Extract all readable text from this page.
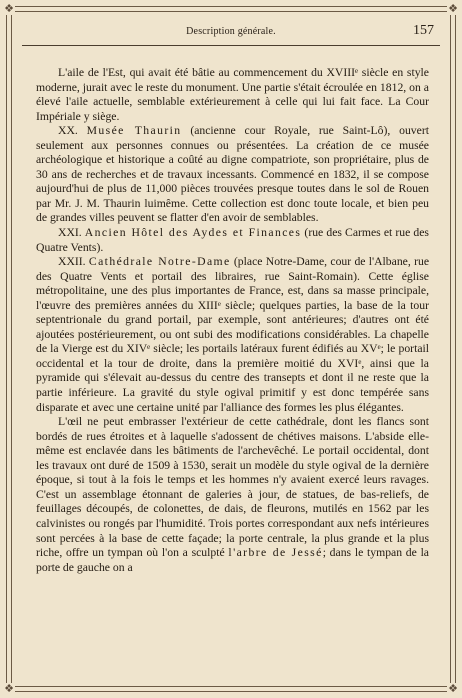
❖	❖
❖	❖
Description générale.	157

L'aile de l'Est, qui avait été bâtie au commencement du XVIIIᵉ siècle en style moderne, jurait avec le reste du monument. Une partie s'était écroulée en 1812, on a élevé l'aile actuelle, semblable extérieurement à celle qui lui fait face. La Cour Impériale y siège.

XX. Musée Thaurin (ancienne cour Royale, rue Saint-Lô), ouvert seulement aux personnes connues ou présentées. La création de ce musée archéologique et historique a coûté au digne compatriote, son propriétaire, plus de 30 ans de recherches et de travaux incessants. Commencé en 1832, il se compose aujourd'hui de plus de 11,000 pièces trouvées presque toutes dans le sol de Rouen par Mr. J. M. Thaurin luimême. Cette collection est donc toute locale, et bien peu de grandes villes peuvent se flatter d'en avoir de semblables.

XXI. Ancien Hôtel des Aydes et Finances (rue des Carmes et rue des Quatre Vents).

XXII. Cathédrale Notre-Dame (place Notre-Dame, cour de l'Albane, rue des Quatre Vents et portail des libraires, rue Saint-Romain). Cette église métropolitaine, une des plus importantes de France, est, dans sa masse principale, l'œuvre des premières années du XIIIᵉ siècle; quelques parties, la base de la tour septentrionale du grand portail, par exemple, sont antérieures; d'autres ont été ajoutées postérieurement, ou ont subi des modifications considérables. La chapelle de la Vierge est du XIVᵉ siècle; les portails latéraux furent édifiés au XVᵉ; le portail occidental et la tour de droite, dans la première moitié du XVIᵉ, ainsi que la pyramide qui s'élevait au-dessus du centre des transepts et dont il ne reste que la partie inférieure. La gravité du style ogival primitif y est donc tempérée sans disparate et avec une certaine unité par l'alliance des formes les plus élégantes.

L'œil ne peut embrasser l'extérieur de cette cathédrale, dont les flancs sont bordés de rues étroites et à laquelle s'adossent de chétives maisons. L'abside elle-même est enclavée dans les bâtiments de l'archevêché. Le portail occidental, dont les travaux ont duré de 1509 à 1530, serait un modèle du style ogival de la dernière époque, si tout à la fois le temps et les hommes n'y avaient exercé leurs ravages. C'est un assemblage étonnant de galeries à jour, de statues, de bas-reliefs, de feuillages découpés, de colonettes, de dais, de fleurons, mutilés en 1562 par les calvinistes ou rongés par l'humidité. Trois portes correspondant aux nefs intérieures sont percées à la base de cette façade; la porte centrale, la plus grande et la plus riche, offre un tympan où l'on a sculpté l'arbre de Jessé; dans le tympan de la porte de gauche on a
